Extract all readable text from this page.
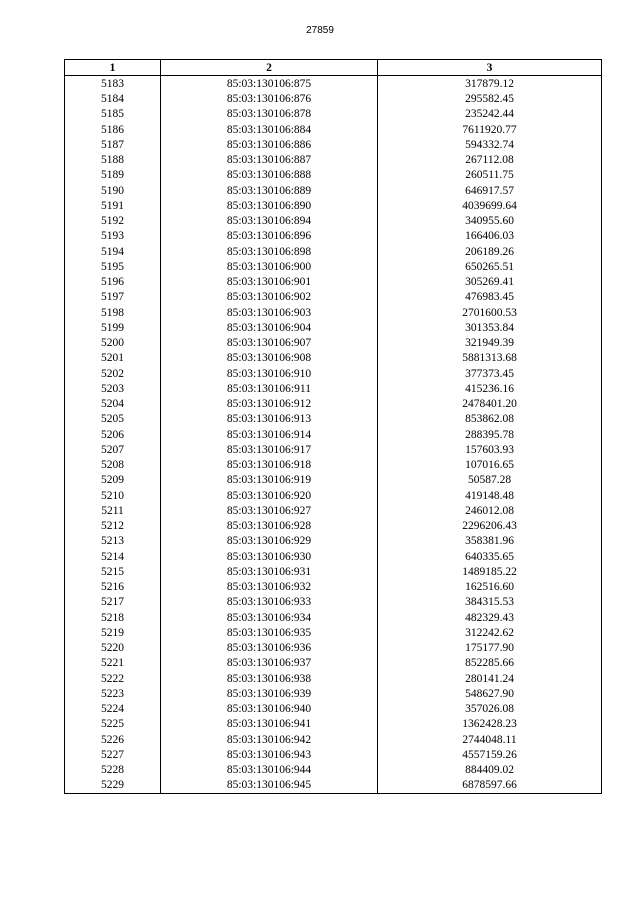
27859
1	2	3
5183	85:03:130106:875	317879.12
5184	85:03:130106:876	295582.45
5185	85:03:130106:878	235242.44
5186	85:03:130106:884	7611920.77
5187	85:03:130106:886	594332.74
5188	85:03:130106:887	267112.08
5189	85:03:130106:888	260511.75
5190	85:03:130106:889	646917.57
5191	85:03:130106:890	4039699.64
5192	85:03:130106:894	340955.60
5193	85:03:130106:896	166406.03
5194	85:03:130106:898	206189.26
5195	85:03:130106:900	650265.51
5196	85:03:130106:901	305269.41
5197	85:03:130106:902	476983.45
5198	85:03:130106:903	2701600.53
5199	85:03:130106:904	301353.84
5200	85:03:130106:907	321949.39
5201	85:03:130106:908	5881313.68
5202	85:03:130106:910	377373.45
5203	85:03:130106:911	415236.16
5204	85:03:130106:912	2478401.20
5205	85:03:130106:913	853862.08
5206	85:03:130106:914	288395.78
5207	85:03:130106:917	157603.93
5208	85:03:130106:918	107016.65
5209	85:03:130106:919	50587.28
5210	85:03:130106:920	419148.48
5211	85:03:130106:927	246012.08
5212	85:03:130106:928	2296206.43
5213	85:03:130106:929	358381.96
5214	85:03:130106:930	640335.65
5215	85:03:130106:931	1489185.22
5216	85:03:130106:932	162516.60
5217	85:03:130106:933	384315.53
5218	85:03:130106:934	482329.43
5219	85:03:130106:935	312242.62
5220	85:03:130106:936	175177.90
5221	85:03:130106:937	852285.66
5222	85:03:130106:938	280141.24
5223	85:03:130106:939	548627.90
5224	85:03:130106:940	357026.08
5225	85:03:130106:941	1362428.23
5226	85:03:130106:942	2744048.11
5227	85:03:130106:943	4557159.26
5228	85:03:130106:944	884409.02
5229	85:03:130106:945	6878597.66
